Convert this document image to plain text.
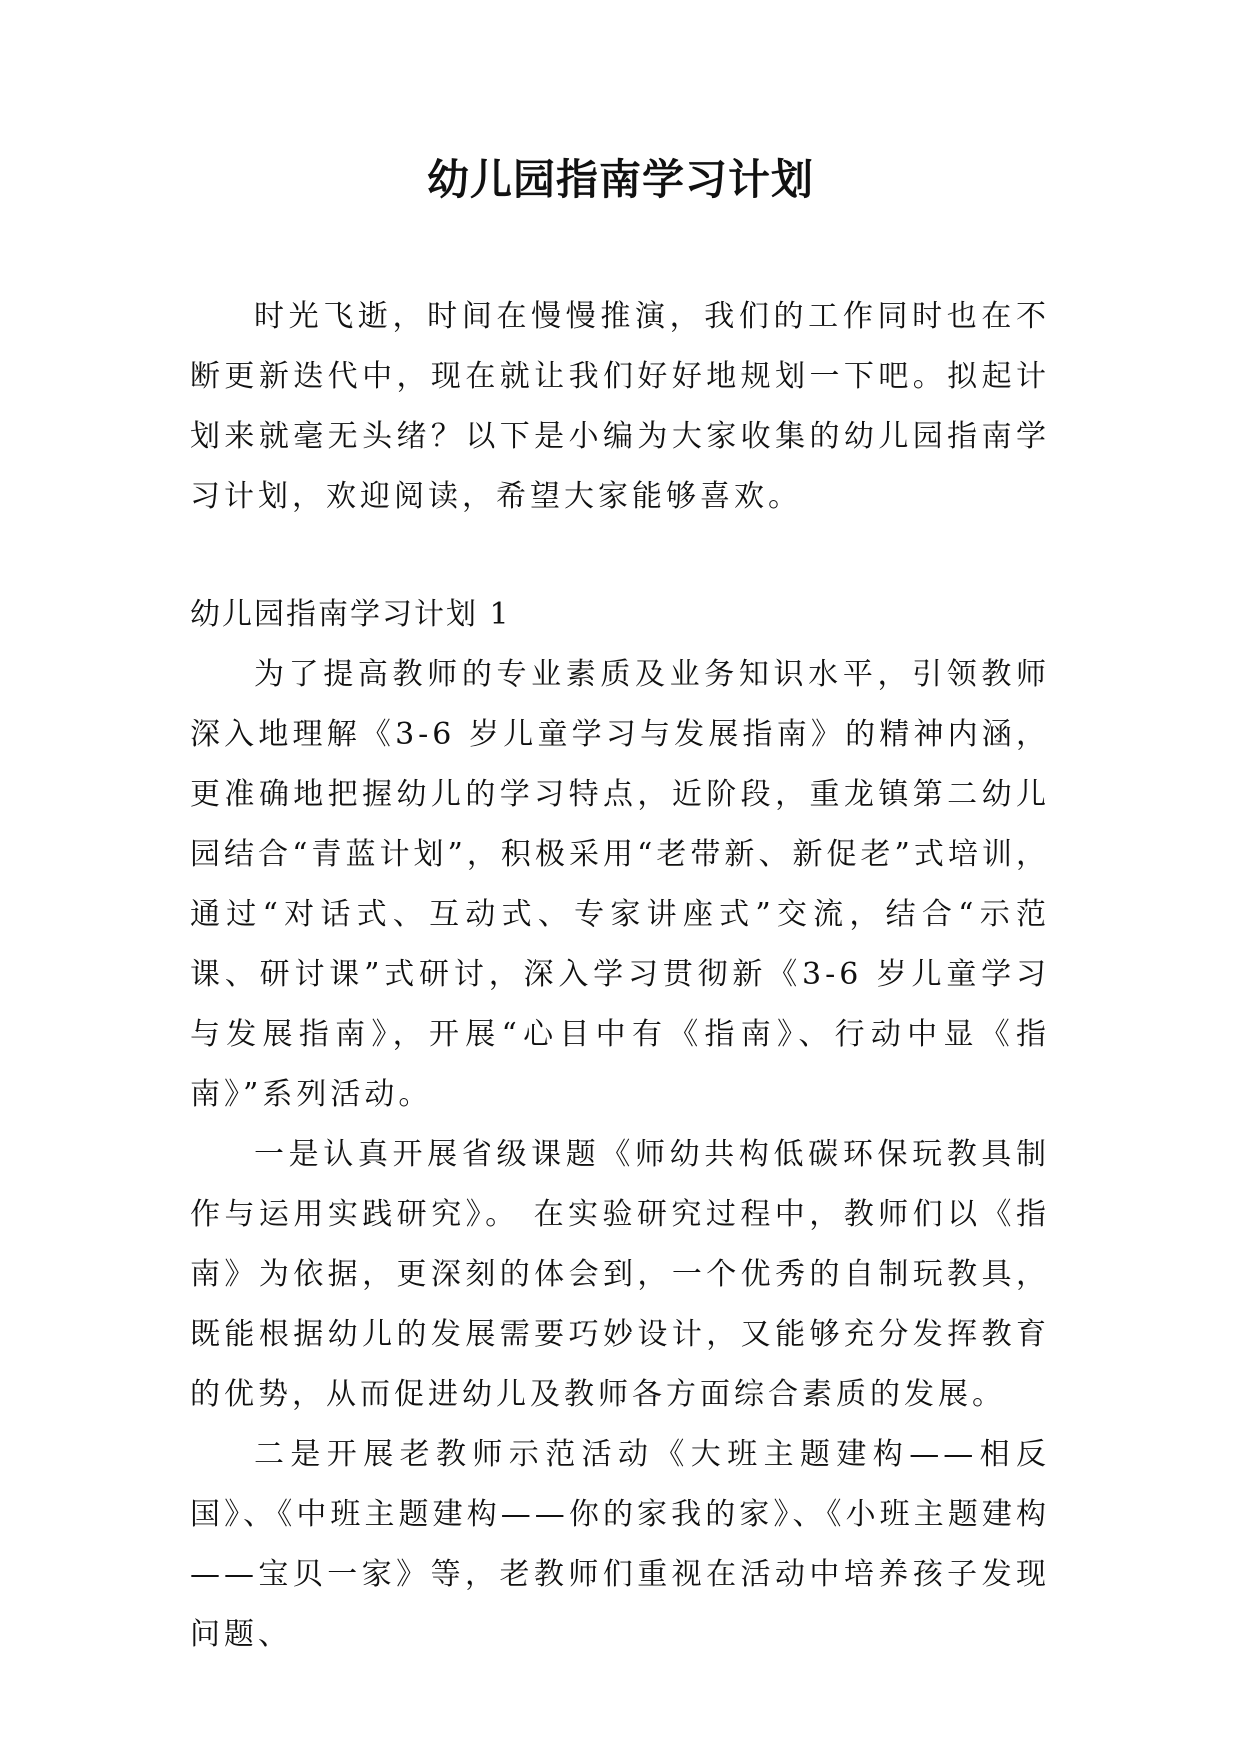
幼儿园指南学习计划

时光飞逝，时间在慢慢推演，我们的工作同时也在不断更新迭代中，现在就让我们好好地规划一下吧。拟起计划来就毫无头绪？以下是小编为大家收集的幼儿园指南学习计划，欢迎阅读，希望大家能够喜欢。

幼儿园指南学习计划 1

为了提高教师的专业素质及业务知识水平，引领教师深入地理解《3-6 岁儿童学习与发展指南》的精神内涵，更准确地把握幼儿的学习特点，近阶段，重龙镇第二幼儿园结合“青蓝计划”，积极采用“老带新、新促老”式培训，通过“对话式、互动式、专家讲座式”交流，结合“示范课、研讨课”式研讨，深入学习贯彻新《3-6 岁儿童学习与发展指南》，开展“心目中有《指南》、行动中显《指南》”系列活动。

一是认真开展省级课题《师幼共构低碳环保玩教具制作与运用实践研究》。 在实验研究过程中，教师们以《指南》为依据，更深刻的体会到，一个优秀的自制玩教具，既能根据幼儿的发展需要巧妙设计，又能够充分发挥教育的优势，从而促进幼儿及教师各方面综合素质的发展。

二是开展老教师示范活动《大班主题建构——相反国》、《中班主题建构——你的家我的家》、《小班主题建构——宝贝一家》等，老教师们重视在活动中培养孩子发现问题、
